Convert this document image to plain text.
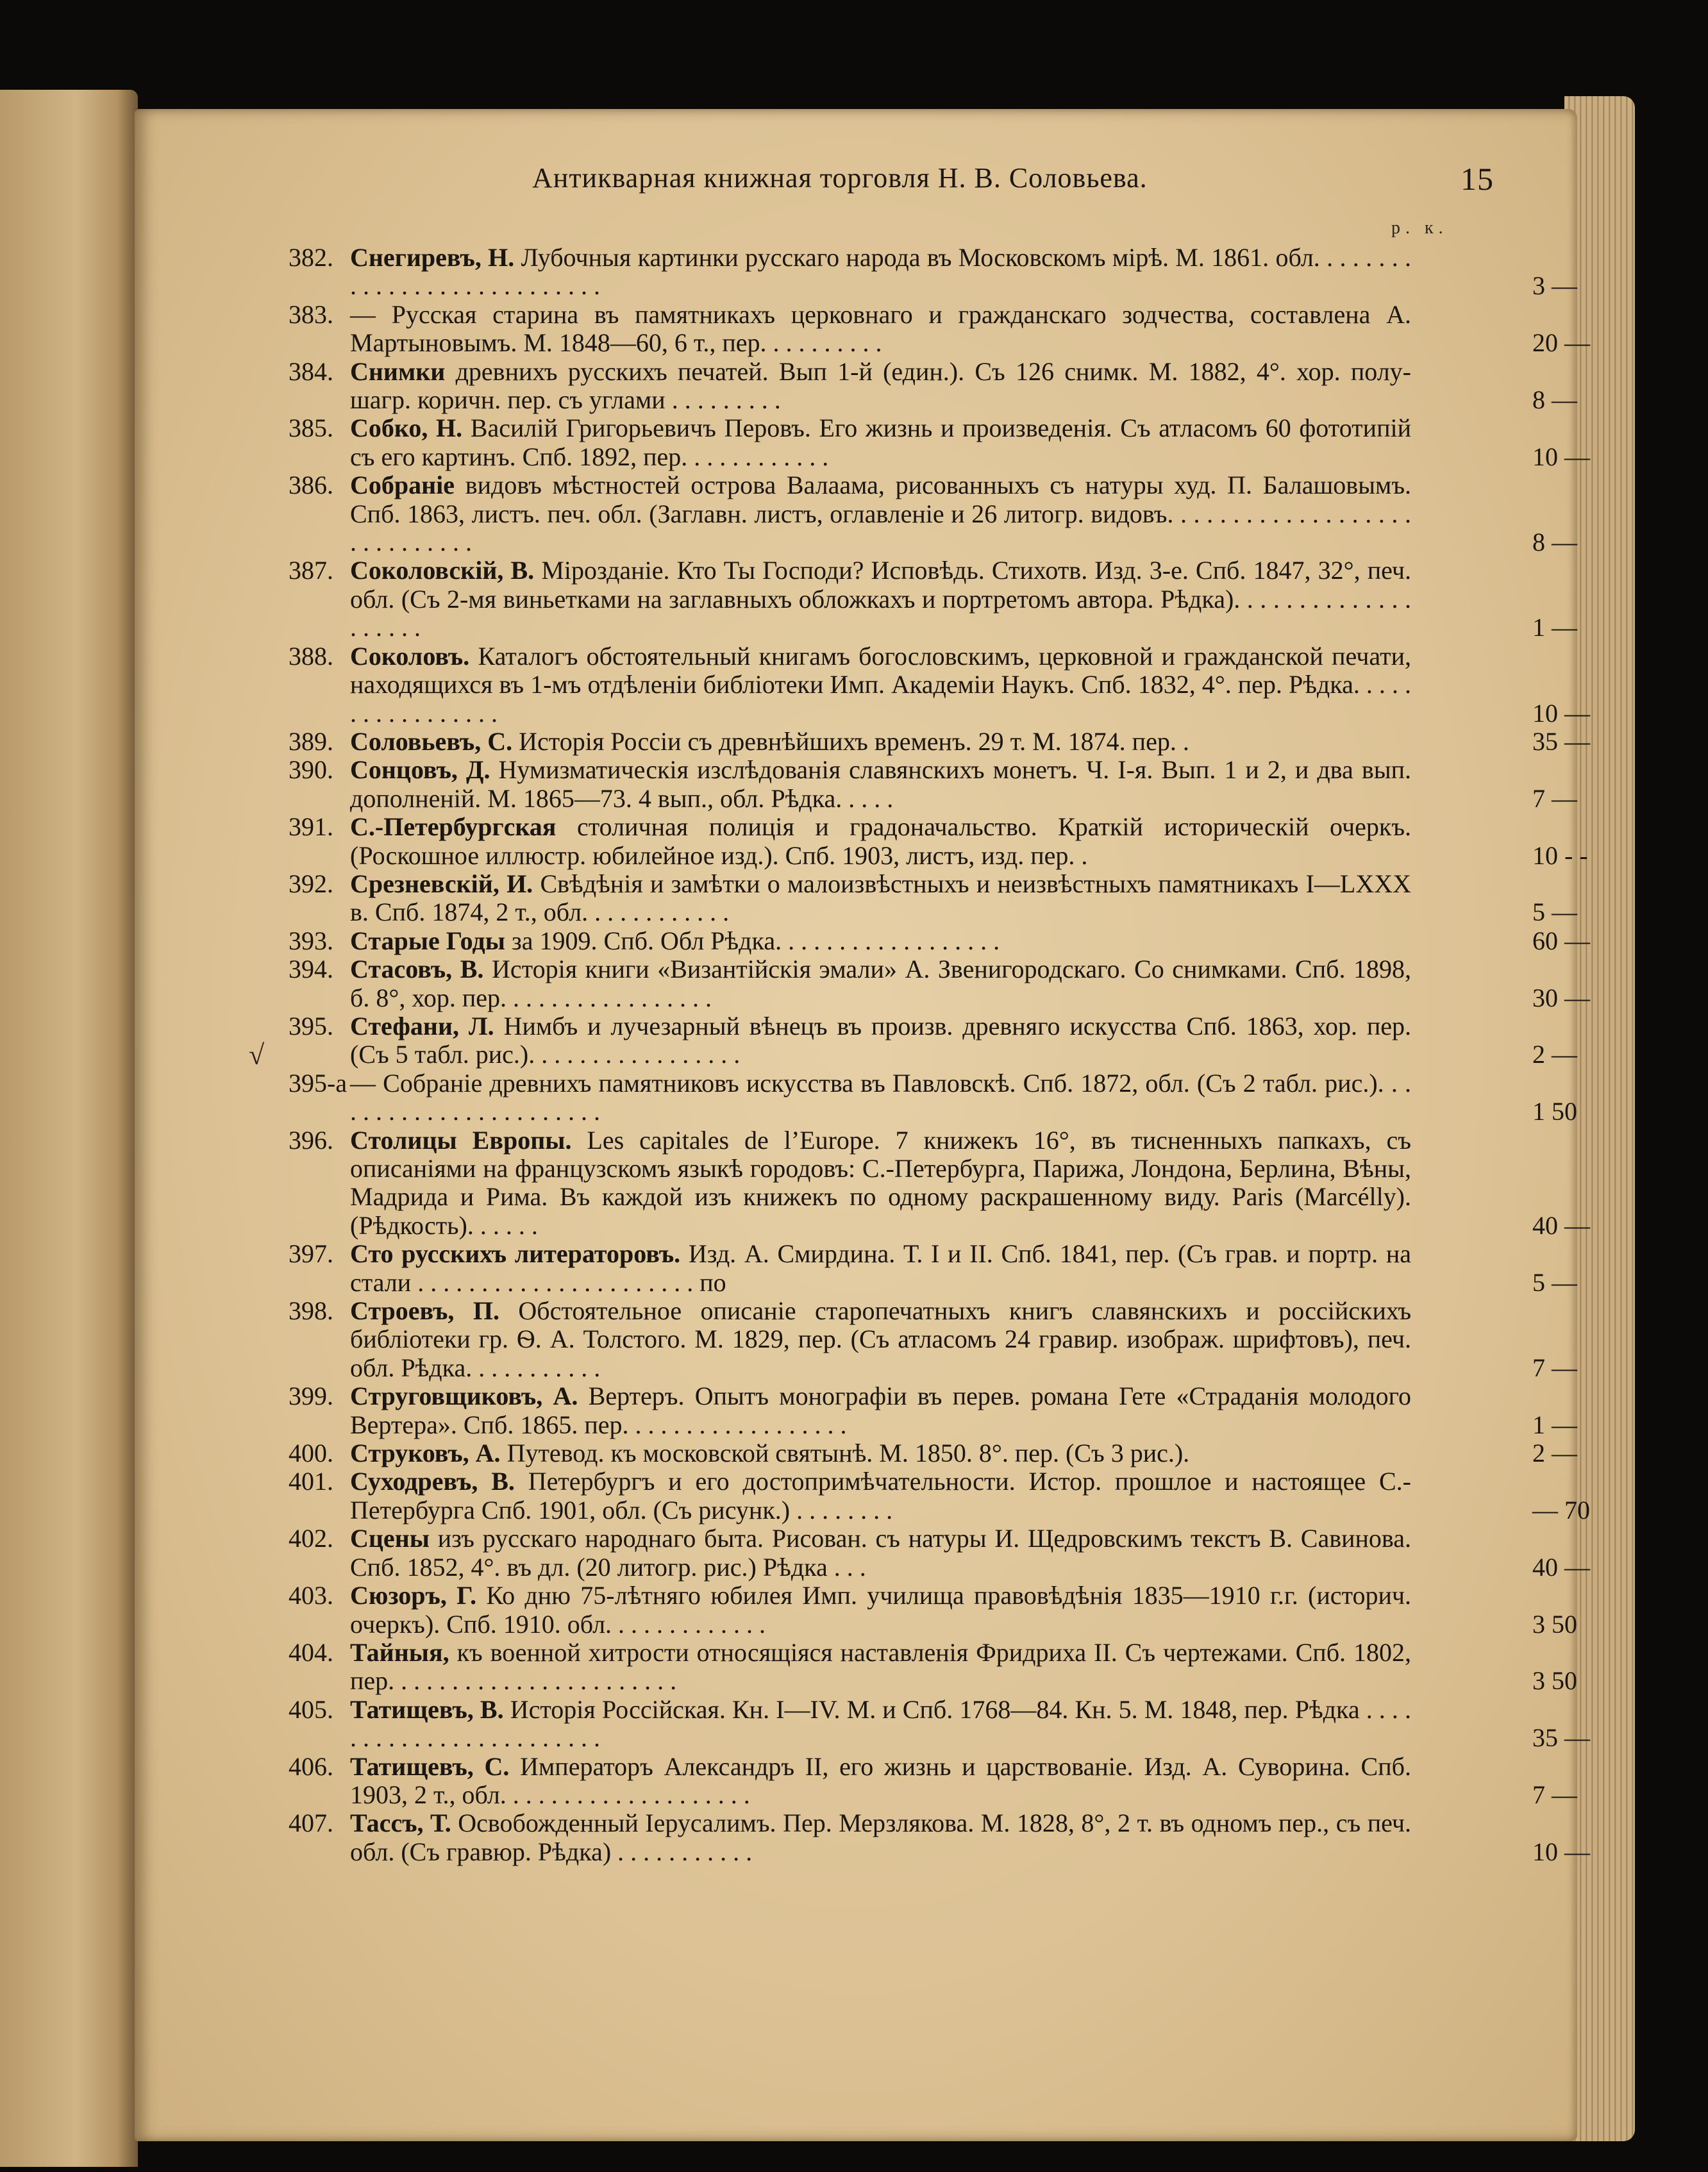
Антикварная книжная торговля Н. В. Соловьева.	15
р. к.
√
382. Снегиревъ, Н. Лубочныя картинки русскаго народа въ Московскомъ мірѣ. М. 1861. обл. . . . . . . . . . . . . . . . . . . . . . . . . . . .	3 —
383. — Русская старина въ памятникахъ церковнаго и гражданскаго зодчества, составлена А. Мартыновымъ. М. 1848—60, 6 т., пер. . . . . . . . . .	20 —
384. Снимки древнихъ русскихъ печатей. Вып 1-й (един.). Съ 126 снимк. М. 1882, 4°. хор. полу-шагр. коричн. пер. съ углами . . . . . . . . .	8 —
385. Собко, Н. Василій Григорьевичъ Перовъ. Его жизнь и произведенія. Съ атласомъ 60 фототипій съ его картинъ. Спб. 1892, пер. . . . . . . . . . . .	10 —
386. Собраніе видовъ мѣстностей острова Валаама, рисованныхъ съ натуры худ. П. Балашовымъ. Спб. 1863, листъ. печ. обл. (Заглавн. листъ, оглавленіе и 26 литогр. видовъ. . . . . . . . . . . . . . . . . . . . . . . . . . . . .	8 —
387. Соколовскій, В. Мірозданіе. Кто Ты Господи? Исповѣдь. Стихотв. Изд. 3-е. Спб. 1847, 32°, печ. обл. (Съ 2-мя виньетками на заглавныхъ обложкахъ и портретомъ автора. Рѣдка). . . . . . . . . . . . . . . . . . . .	1 —
388. Соколовъ. Каталогъ обстоятельный книгамъ богословскимъ, церковной и гражданской печати, находящихся въ 1-мъ отдѣленіи библіотеки Имп. Академіи Наукъ. Спб. 1832, 4°. пер. Рѣдка. . . . . . . . . . . . . . . . .	10 —
389. Соловьевъ, С. Исторія Россіи съ древнѣйшихъ временъ. 29 т. М. 1874. пер. .	35 —
390. Сонцовъ, Д. Нумизматическія изслѣдованія славянскихъ монетъ. Ч. I-я. Вып. 1 и 2, и два вып. дополненій. М. 1865—73. 4 вып., обл. Рѣдка. . . . .	7 —
391. С.-Петербургская столичная полиція и градоначальство. Краткій историческій очеркъ. (Роскошное иллюстр. юбилейное изд.). Спб. 1903, листъ, изд. пер. .	10 - -
392. Срезневскій, И. Свѣдѣнія и замѣтки о малоизвѣстныхъ и неизвѣстныхъ памятникахъ I—LXXX в. Спб. 1874, 2 т., обл. . . . . . . . . . . .	5 —
393. Старые Годы за 1909. Спб. Обл Рѣдка. . . . . . . . . . . . . . . . . .	60 —
394. Стасовъ, В. Исторія книги «Византійскія эмали» А. Звенигородскаго. Со снимками. Спб. 1898, б. 8°, хор. пер. . . . . . . . . . . . . . . . .	30 —
395. Стефани, Л. Нимбъ и лучезарный вѣнецъ въ произв. древняго искусства Спб. 1863, хор. пер. (Съ 5 табл. рис.). . . . . . . . . . . . . . . . .	2 —
395-а — Собраніе древнихъ памятниковъ искусства въ Павловскѣ. Спб. 1872, обл. (Съ 2 табл. рис.). . . . . . . . . . . . . . . . . . . . . . .	1 50
396. Столицы Европы. Les capitales de l’Europe. 7 книжекъ 16°, въ тисненныхъ папкахъ, съ описаніями на французскомъ языкѣ городовъ: С.-Петербурга, Парижа, Лондона, Берлина, Вѣны, Мадрида и Рима. Въ каждой изъ книжекъ по одному раскрашенному виду. Paris (Marcélly). (Рѣдкость). . . . . .	40 —
397. Сто русскихъ литераторовъ. Изд. А. Смирдина. Т. I и II. Спб. 1841, пер. (Съ грав. и портр. на стали . . . . . . . . . . . . . . . . . . . . . . по	5 —
398. Строевъ, П. Обстоятельное описаніе старопечатныхъ книгъ славянскихъ и россійскихъ библіотеки гр. Ѳ. А. Толстого. М. 1829, пер. (Съ атласомъ 24 гравир. изображ. шрифтовъ), печ. обл. Рѣдка. . . . . . . . . . .	7 —
399. Струговщиковъ, А. Вертеръ. Опытъ монографіи въ перев. романа Гете «Страданія молодого Вертера». Спб. 1865. пер. . . . . . . . . . . . . . . . . .	1 —
400. Струковъ, А. Путевод. къ московской святынѣ. М. 1850. 8°. пер. (Съ 3 рис.).	2 —
401. Суходревъ, В. Петербургъ и его достопримѣчательности. Истор. прошлое и настоящее С.-Петербурга Спб. 1901, обл. (Съ рисунк.) . . . . . . . .	— 70
402. Сцены изъ русскаго народнаго быта. Рисован. съ натуры И. Щедровскимъ текстъ В. Савинова. Спб. 1852, 4°. въ дл. (20 литогр. рис.) Рѣдка . . .	40 —
403. Сюзоръ, Г. Ко дню 75-лѣтняго юбилея Имп. училища правовѣдѣнія 1835—1910 г.г. (историч. очеркъ). Спб. 1910. обл. . . . . . . . . . . . .	3 50
404. Тайныя, къ военной хитрости относящіяся наставленія Фридриха II. Съ чертежами. Спб. 1802, пер. . . . . . . . . . . . . . . . . . . . . . .	3 50
405. Татищевъ, В. Исторія Россійская. Кн. I—IV. М. и Спб. 1768—84. Кн. 5. М. 1848, пер. Рѣдка . . . . . . . . . . . . . . . . . . . . . . . .	35 —
406. Татищевъ, С. Императоръ Александръ II, его жизнь и царствованіе. Изд. А. Суворина. Спб. 1903, 2 т., обл. . . . . . . . . . . . . . . . . . . .	7 —
407. Тассъ, Т. Освобожденный Іерусалимъ. Пер. Мерзлякова. М. 1828, 8°, 2 т. въ одномъ пер., съ печ. обл. (Съ гравюр. Рѣдка) . . . . . . . . . . .	10 —
